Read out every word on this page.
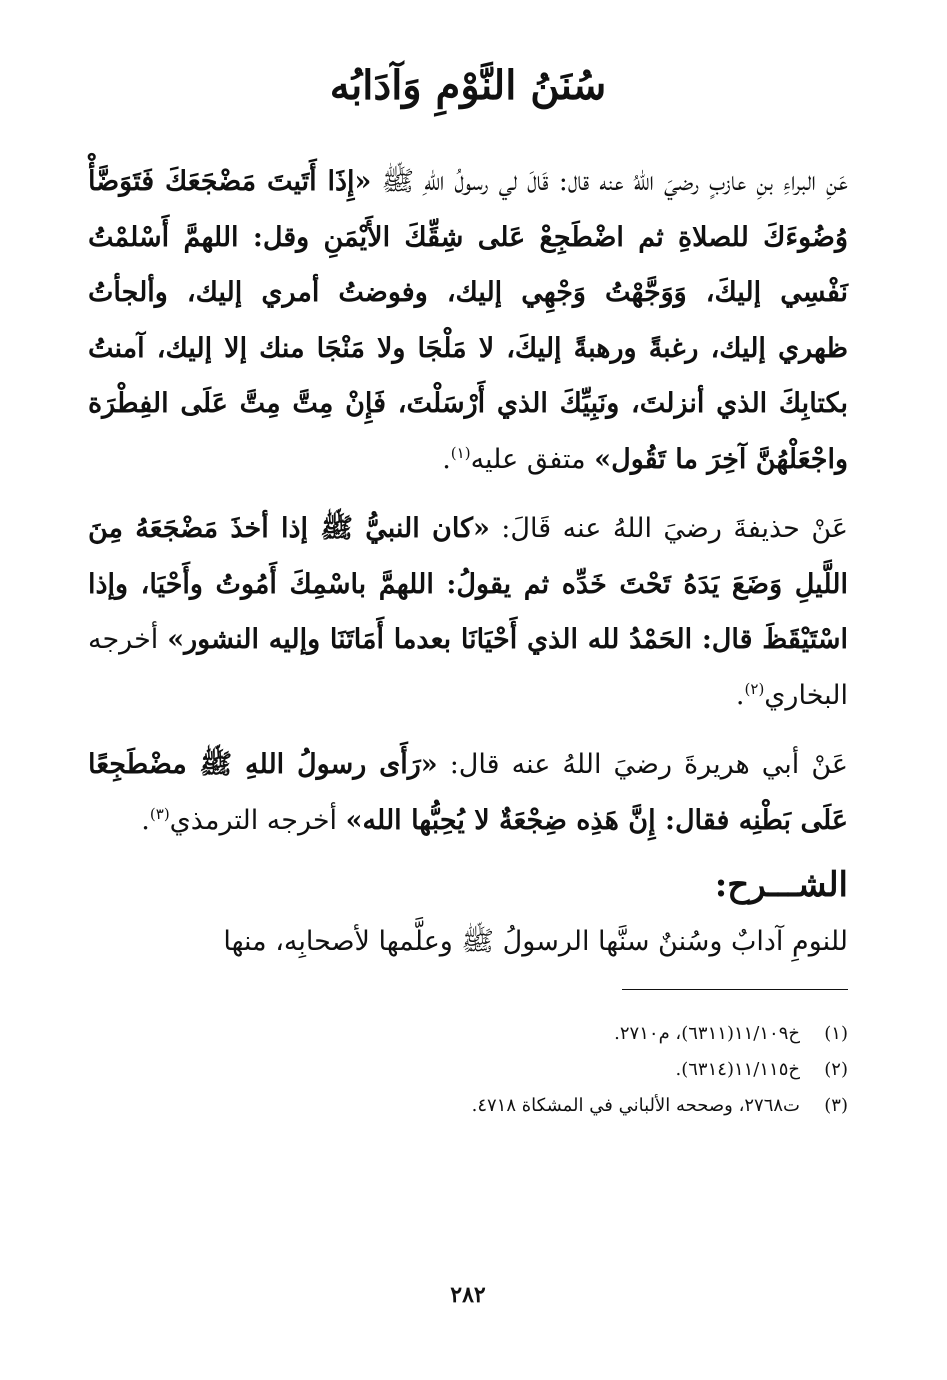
سُنَنُ النَّوْمِ وَآدَابُه

عَنِ البراءِ بنِ عازبٍ رضيَ اللهُ عنه قال: قَالَ لي رسولُ اللهِ ﷺ «إِذَا أَتَيتَ مَضْجَعَكَ فَتَوَضَّأْ وُضُوءَكَ للصلاةِ ثم اضْطَجِعْ عَلى شِقِّكَ الأَيْمَنِ وقل: اللهمَّ أَسْلمْتُ نَفْسِي إليكَ، وَوَجَّهْتُ وَجْهِي إليك، وفوضتُ أمري إليك، وألجأتُ ظهري إليك، رغبةً ورهبةً إليكَ، لا مَلْجَا ولا مَنْجَا منك إلا إليك، آمنتُ بكتابِكَ الذي أنزلتَ، ونَبِيِّكَ الذي أَرْسَلْتَ، فَإِنْ مِتَّ مِتَّ عَلَى الفِطْرَة واجْعَلْهُنَّ آخِرَ ما تَقُول» متفق عليه$^{(١)}$.

عَنْ حذيفةَ رضيَ اللهُ عنه قَالَ: «كان النبيُّ ﷺ إذا أخذَ مَضْجَعَهُ مِنَ اللَّيلِ وَضَعَ يَدَهُ تَحْتَ خَدِّه ثم يقولُ: اللهمَّ باسْمِكَ أَمُوتُ وأَحْيَا، وإذا اسْتَيْقَظَ قال: الحَمْدُ لله الذي أَحْيَانَا بعدما أَمَاتَنَا وإليه النشور» أخرجه البخاري$^{(٢)}$.

عَنْ أبي هريرةَ رضيَ اللهُ عنه قال: «رَأَى رسولُ اللهِ ﷺ مضْطَجِعًا عَلَى بَطْنِه فقال: إِنَّ هَذِه ضِجْعَةٌ لا يُحِبُّها الله» أخرجه الترمذي$^{(٣)}$.

الشـــرح:

للنومِ آدابٌ وسُننٌ سنَّها الرسولُ ﷺ وعلَّمها لأصحابِه، منها

(١)
خ١١/١٠٩(٦٣١١)، م٢٧١٠.
(٢)
خ١١/١١٥(٦٣١٤).
(٣)
ت٢٧٦٨، وصححه الألباني في المشكاة ٤٧١٨.
٢٨٢
